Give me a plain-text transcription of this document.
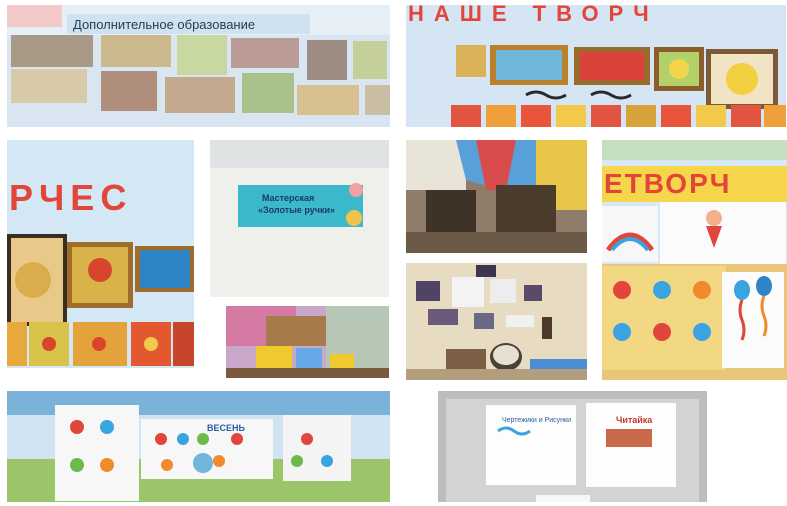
Дополнительное образование	НАШЕ ТВОРЧ
РЧЕС	Мастерская
«Золотые ручки»
ЕТВОРЧ
ВЕСЕНЬ
Чертежики и Рисунки	Читайка
